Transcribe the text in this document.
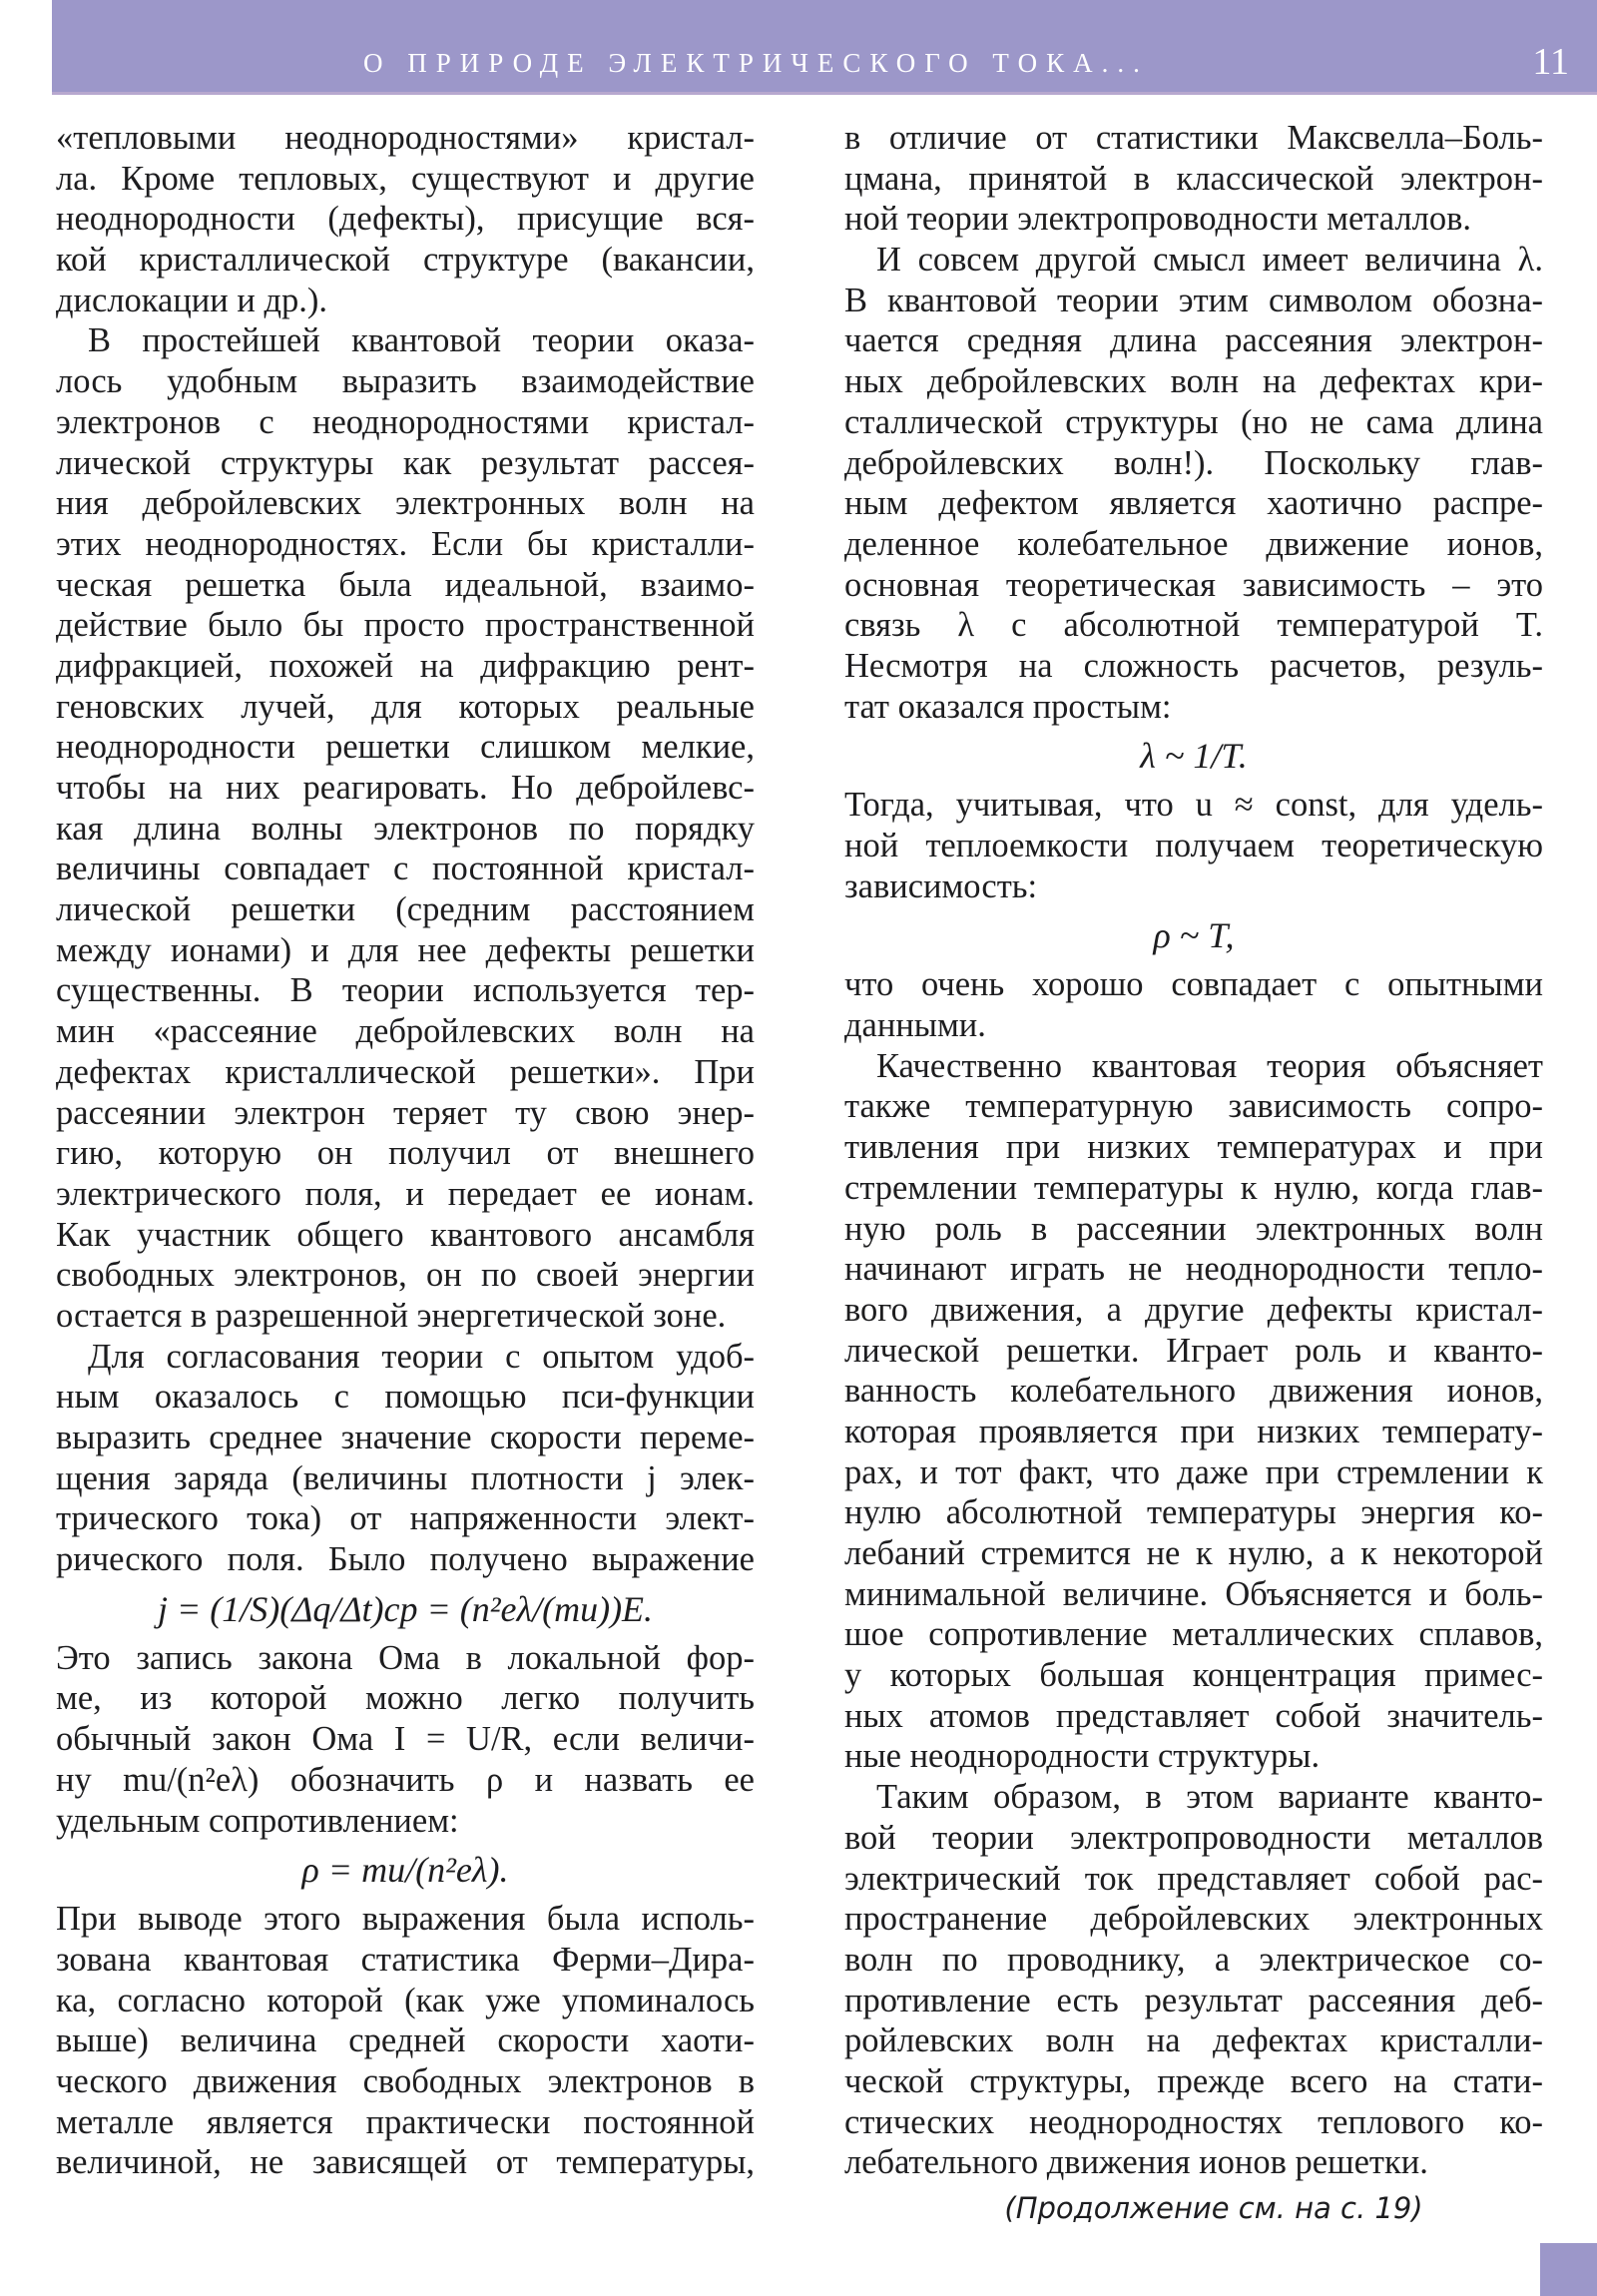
О ПРИРОДЕ ЭЛЕКТРИЧЕСКОГО ТОКА...	11
«тепловыми неоднородностями» кристал-
ла. Кроме тепловых, существуют и другие
неоднородности (дефекты), присущие вся-
кой кристаллической структуре (вакансии,
дислокации и др.).
В простейшей квантовой теории оказа-
лось удобным выразить взаимодействие
электронов с неоднородностями кристал-
лической структуры как результат рассея-
ния дебройлевских электронных волн на
этих неоднородностях. Если бы кристалли-
ческая решетка была идеальной, взаимо-
действие было бы просто пространственной
дифракцией, похожей на дифракцию рент-
геновских лучей, для которых реальные
неоднородности решетки слишком мелкие,
чтобы на них реагировать. Но дебройлевс-
кая длина волны электронов по порядку
величины совпадает с постоянной кристал-
лической решетки (средним расстоянием
между ионами) и для нее дефекты решетки
существенны. В теории используется тер-
мин «рассеяние дебройлевских волн на
дефектах кристаллической решетки». При
рассеянии электрон теряет ту свою энер-
гию, которую он получил от внешнего
электрического поля, и передает ее ионам.
Как участник общего квантового ансамбля
свободных электронов, он по своей энергии
остается в разрешенной энергетической зоне.
Для согласования теории с опытом удоб-
ным оказалось с помощью пси-функции
выразить среднее значение скорости переме-
щения заряда (величины плотности j элек-
трического тока) от напряженности элект-
рического поля. Было получено выражение
j = (1/S)(Δq/Δt)ср = (n²eλ/(mu))E.
Это запись закона Ома в локальной фор-
ме, из которой можно легко получить
обычный закон Ома I = U/R, если величи-
ну mu/(n²eλ) обозначить ρ и назвать ее
удельным сопротивлением:
ρ = mu/(n²eλ).
При выводе этого выражения была исполь-
зована квантовая статистика Ферми–Дира-
ка, согласно которой (как уже упоминалось
выше) величина средней скорости хаоти-
ческого движения свободных электронов в
металле является практически постоянной
величиной, не зависящей от температуры,
в отличие от статистики Максвелла–Боль-
цмана, принятой в классической электрон-
ной теории электропроводности металлов.
И совсем другой смысл имеет величина λ.
В квантовой теории этим символом обозна-
чается средняя длина рассеяния электрон-
ных дебройлевских волн на дефектах кри-
сталлической структуры (но не сама длина
дебройлевских волн!). Поскольку глав-
ным дефектом является хаотично распре-
деленное колебательное движение ионов,
основная теоретическая зависимость – это
связь λ с абсолютной температурой T.
Несмотря на сложность расчетов, резуль-
тат оказался простым:
λ ~ 1/T.
Тогда, учитывая, что u ≈ const, для удель-
ной теплоемкости получаем теоретическую
зависимость:
ρ ~ T,
что очень хорошо совпадает с опытными
данными.
Качественно квантовая теория объясняет
также температурную зависимость сопро-
тивления при низких температурах и при
стремлении температуры к нулю, когда глав-
ную роль в рассеянии электронных волн
начинают играть не неоднородности тепло-
вого движения, а другие дефекты кристал-
лической решетки. Играет роль и кванто-
ванность колебательного движения ионов,
которая проявляется при низких температу-
рах, и тот факт, что даже при стремлении к
нулю абсолютной температуры энергия ко-
лебаний стремится не к нулю, а к некоторой
минимальной величине. Объясняется и боль-
шое сопротивление металлических сплавов,
у которых большая концентрация примес-
ных атомов представляет собой значитель-
ные неоднородности структуры.
Таким образом, в этом варианте кванто-
вой теории электропроводности металлов
электрический ток представляет собой рас-
пространение дебройлевских электронных
волн по проводнику, а электрическое со-
противление есть результат рассеяния деб-
ройлевских волн на дефектах кристалли-
ческой структуры, прежде всего на стати-
стических неоднородностях теплового ко-
лебательного движения ионов решетки.
(Продолжение см. на с. 19)
